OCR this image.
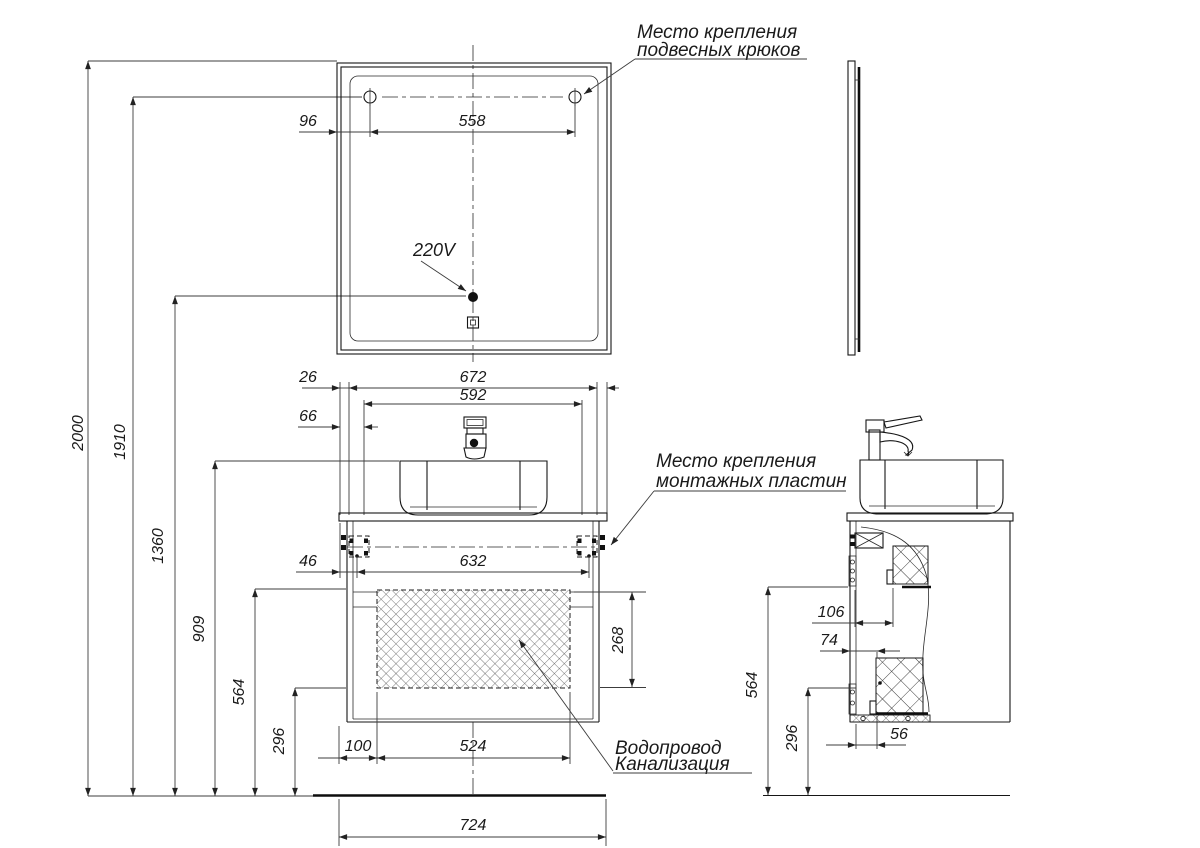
2000 1910
1360
909
564
296
96	558
220V
Место крепления
подвесных крюков
26	672
592
66
46	632
268
100	524
Место крепления
монтажных пластин
Водопровод
Канализация
724
106
74
56
564
296
